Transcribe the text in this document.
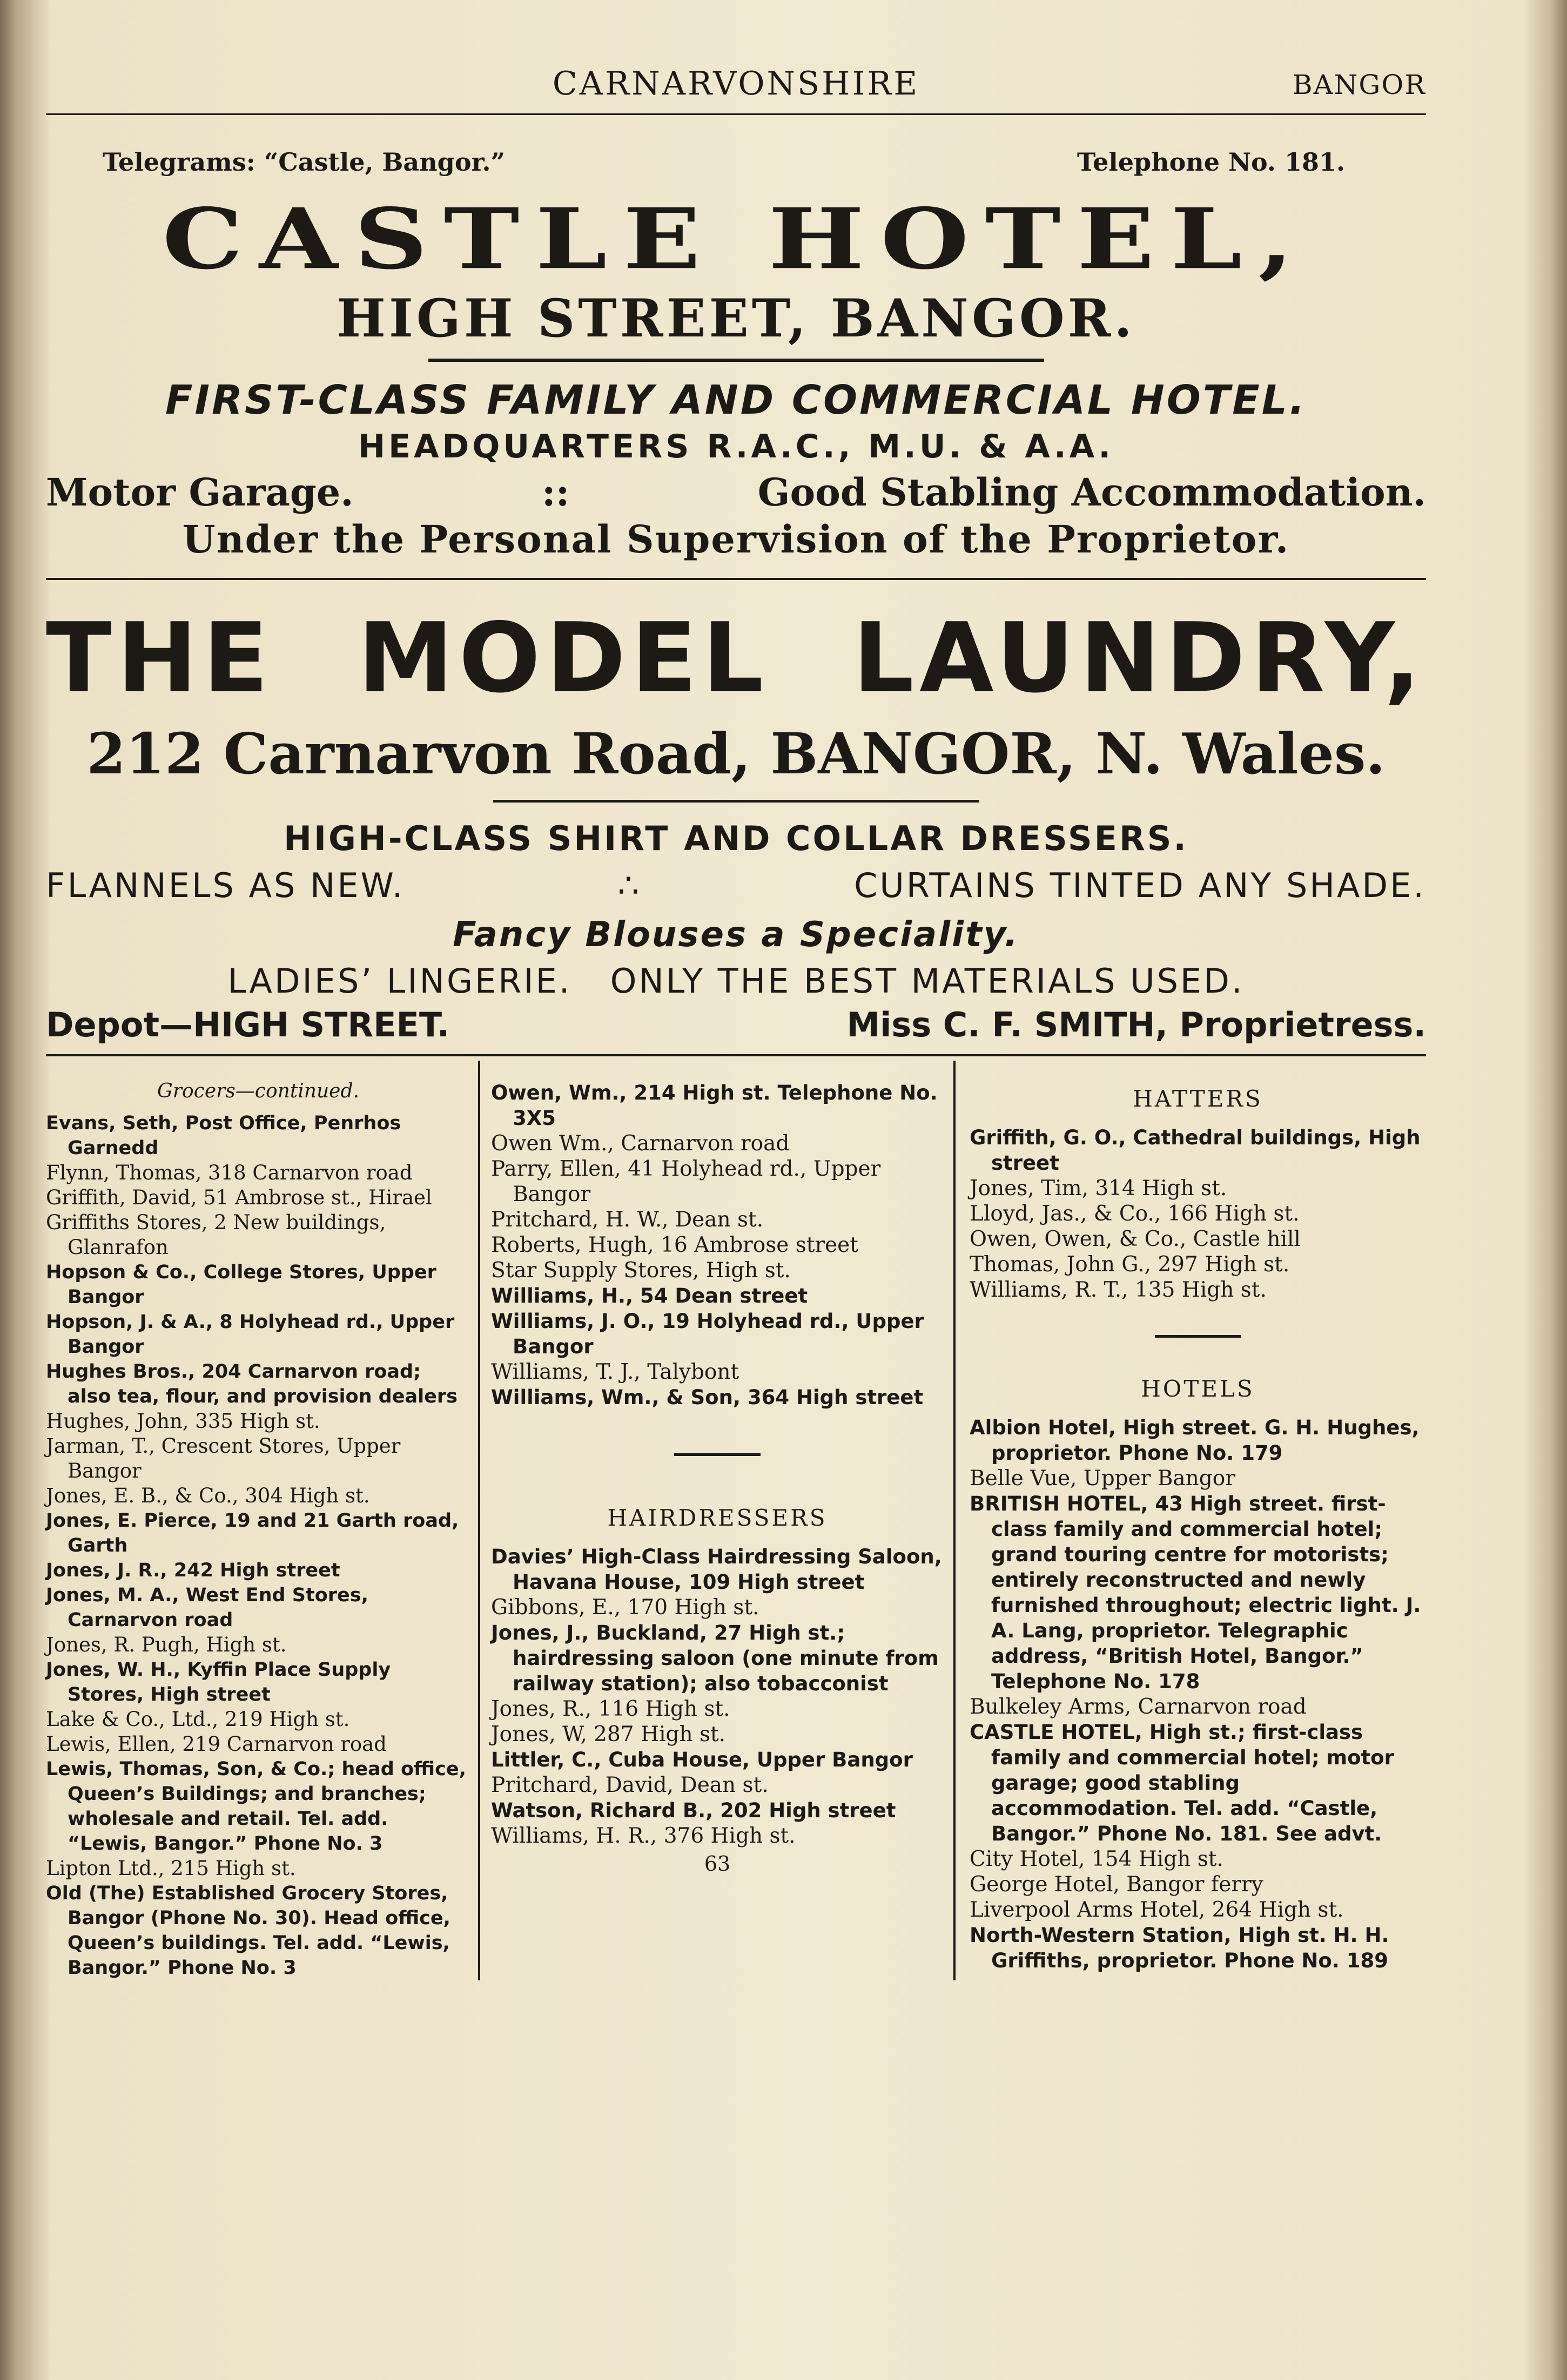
CARNARVONSHIRE	BANGOR
Telegrams: “Castle, Bangor.”	Telephone No. 181.
CASTLE HOTEL,
HIGH STREET, BANGOR.
FIRST-CLASS FAMILY AND COMMERCIAL HOTEL.
HEADQUARTERS R.A.C., M.U. & A.A.
Motor Garage.	::	Good Stabling Accommodation.
Under the Personal Supervision of the Proprietor.
THE MODEL LAUNDRY,
212 Carnarvon Road, BANGOR, N. Wales.
HIGH-CLASS SHIRT AND COLLAR DRESSERS.
FLANNELS AS NEW.	∴	CURTAINS TINTED ANY SHADE.
Fancy Blouses a Speciality.
LADIES’ LINGERIE.   ONLY THE BEST MATERIALS USED.
Depot—HIGH STREET.	Miss C. F. SMITH, Proprietress.
Grocers—continued.
Evans, Seth, Post Office, Penrhos Garnedd
Flynn, Thomas, 318 Carnarvon road
Griffith, David, 51 Ambrose st., Hirael
Griffiths Stores, 2 New buildings, Glanrafon
Hopson & Co., College Stores, Upper Bangor
Hopson, J. & A., 8 Holyhead rd., Upper Bangor
Hughes Bros., 204 Carnarvon road; also tea, flour, and provision dealers
Hughes, John, 335 High st.
Jarman, T., Crescent Stores, Upper Bangor
Jones, E. B., & Co., 304 High st.
Jones, E. Pierce, 19 and 21 Garth road, Garth
Jones, J. R., 242 High street
Jones, M. A., West End Stores, Carnarvon road
Jones, R. Pugh, High st.
Jones, W. H., Kyffin Place Supply Stores, High street
Lake & Co., Ltd., 219 High st.
Lewis, Ellen, 219 Carnarvon road
Lewis, Thomas, Son, & Co.; head office, Queen’s Buildings; and branches; wholesale and retail. Tel. add. “Lewis, Bangor.” Phone No. 3
Lipton Ltd., 215 High st.
Old (The) Established Grocery Stores, Bangor (Phone No. 30). Head office, Queen’s buildings. Tel. add. “Lewis, Bangor.” Phone No. 3
Owen, Wm., 214 High st. Telephone No. 3X5
Owen Wm., Carnarvon road
Parry, Ellen, 41 Holyhead rd., Upper Bangor
Pritchard, H. W., Dean st.
Roberts, Hugh, 16 Ambrose street
Star Supply Stores, High st.
Williams, H., 54 Dean street
Williams, J. O., 19 Holyhead rd., Upper Bangor
Williams, T. J., Talybont
Williams, Wm., & Son, 364 High street
HAIRDRESSERS
Davies’ High-Class Hairdressing Saloon, Havana House, 109 High street
Gibbons, E., 170 High st.
Jones, J., Buckland, 27 High st.; hairdressing saloon (one minute from railway station); also tobacconist
Jones, R., 116 High st.
Jones, W, 287 High st.
Littler, C., Cuba House, Upper Bangor
Pritchard, David, Dean st.
Watson, Richard B., 202 High street
Williams, H. R., 376 High st.
63
HATTERS
Griffith, G. O., Cathedral buildings, High street
Jones, Tim, 314 High st.
Lloyd, Jas., & Co., 166 High st.
Owen, Owen, & Co., Castle hill
Thomas, John G., 297 High st.
Williams, R. T., 135 High st.
HOTELS
Albion Hotel, High street. G. H. Hughes, proprietor. Phone No. 179
Belle Vue, Upper Bangor
BRITISH HOTEL, 43 High street. first-class family and commercial hotel; grand touring centre for motorists; entirely reconstructed and newly furnished throughout; electric light. J. A. Lang, proprietor. Telegraphic address, “British Hotel, Bangor.” Telephone No. 178
Bulkeley Arms, Carnarvon road
CASTLE HOTEL, High st.; first-class family and commercial hotel; motor garage; good stabling accommodation. Tel. add. “Castle, Bangor.” Phone No. 181. See advt.
City Hotel, 154 High st.
George Hotel, Bangor ferry
Liverpool Arms Hotel, 264 High st.
North-Western Station, High st. H. H. Griffiths, proprietor. Phone No. 189
